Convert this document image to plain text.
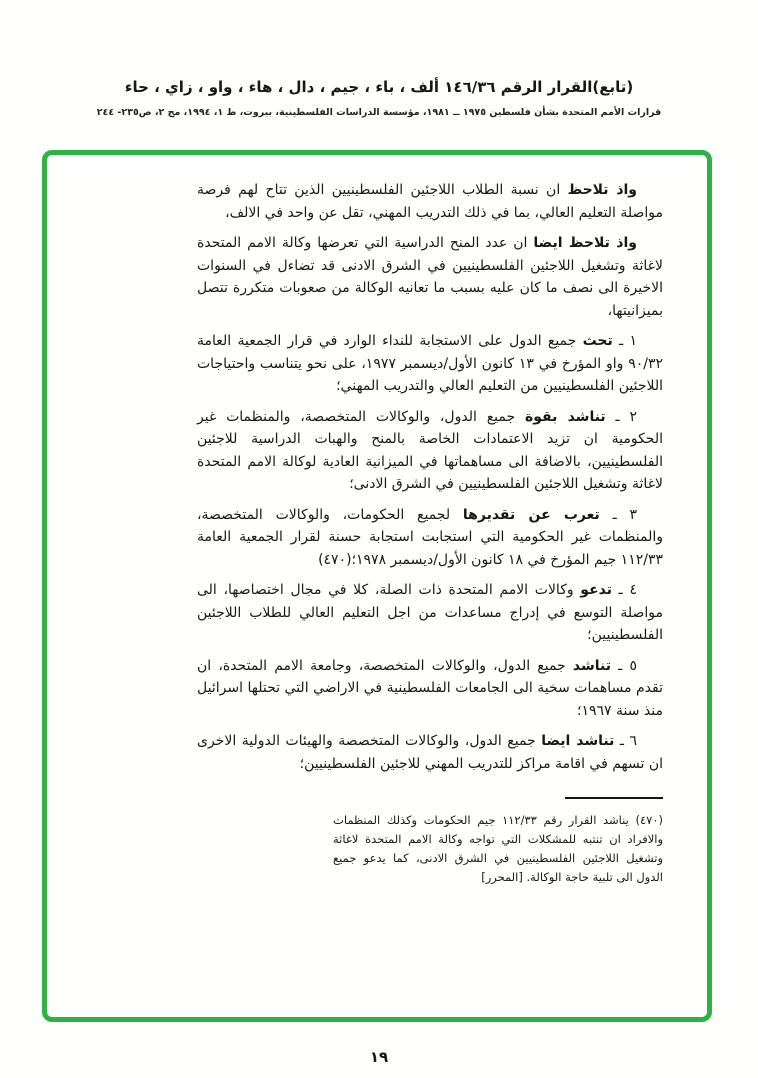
(تابع)القرار الرقم ١٤٦/٣٦ ألف ، باء ، جيم ، دال ، هاء ، واو ، زاي ، حاء
قرارات الأمم المتحدة بشأن فلسطين ١٩٧٥ ــ ١٩٨١، مؤسسة الدراسات الفلسطينية، بيروت، ط ١، ١٩٩٤، مج ٢، ص٢٣٥- ٢٤٤

واذ تلاحظ ان نسبة الطلاب اللاجئين الفلسطينيين الذين تتاح لهم فرصة مواصلة التعليم العالي، بما في ذلك التدريب المهني، تقل عن واحد في الالف،

واذ تلاحظ ايضا ان عدد المنح الدراسية التي تعرضها وكالة الامم المتحدة لاغاثة وتشغيل اللاجئين الفلسطينيين في الشرق الادنى قد تضاءل في السنوات الاخيرة الى نصف ما كان عليه بسبب ما تعانيه الوكالة من صعوبات متكررة تتصل بميزانيتها،

١ ـ تحث جميع الدول على الاستجابة للنداء الوارد في قرار الجمعية العامة ٩٠/٣٢ واو المؤرخ في ١٣ كانون الأول/ديسمبر ١٩٧٧، على نحو يتناسب واحتياجات اللاجئين الفلسطينيين من التعليم العالي والتدريب المهني؛

٢ ـ تناشد بقوة جميع الدول، والوكالات المتخصصة، والمنظمات غير الحكومية ان تزيد الاعتمادات الخاصة بالمنح والهبات الدراسية للاجئين الفلسطينيين، بالاضافة الى مساهماتها في الميزانية العادية لوكالة الامم المتحدة لاغاثة وتشغيل اللاجئين الفلسطينيين في الشرق الادنى؛

٣ ـ تعرب عن تقديرها لجميع الحكومات، والوكالات المتخصصة، والمنظمات غير الحكومية التي استجابت استجابة حسنة لقرار الجمعية العامة ١١٢/٣٣ جيم المؤرخ في ١٨ كانون الأول/ديسمبر ١٩٧٨؛(٤٧٠)

٤ ـ تدعو وكالات الامم المتحدة ذات الصلة، كلا في مجال اختصاصها، الى مواصلة التوسع في إدراج مساعدات من اجل التعليم العالي للطلاب اللاجئين الفلسطينيين؛

٥ ـ تناشد جميع الدول، والوكالات المتخصصة، وجامعة الامم المتحدة، ان تقدم مساهمات سخية الى الجامعات الفلسطينية في الاراضي التي تحتلها اسرائيل منذ سنة ١٩٦٧؛

٦ ـ تناشد ايضا جميع الدول، والوكالات المتخصصة والهيئات الدولية الاخرى ان تسهم في اقامة مراكز للتدريب المهني للاجئين الفلسطينيين؛

(٤٧٠) يناشد القرار رقم ١١٢/٣٣ جيم الحكومات وكذلك المنظمات والافراد ان تنتبه للمشكلات التي تواجه وكالة الامم المتحدة لاغاثة وتشغيل اللاجئين الفلسطينيين في الشرق الادنى، كما يدعو جميع الدول الى تلبية حاجة الوكالة. [المحرر]
١٩
